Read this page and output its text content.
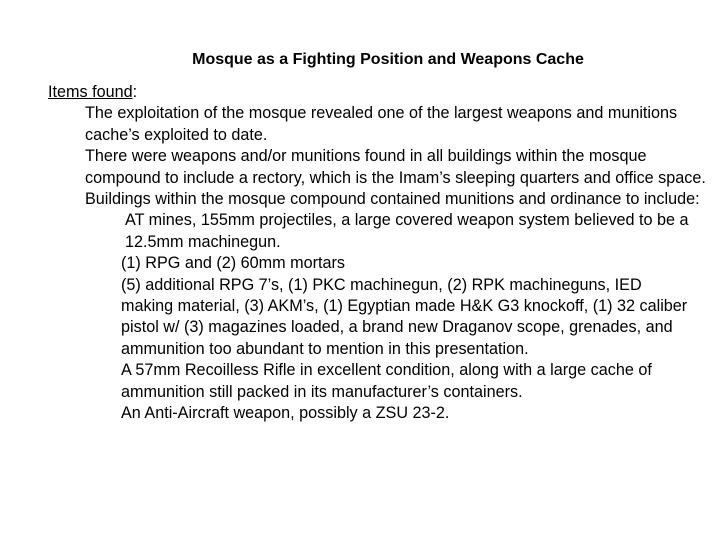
Mosque as a Fighting Position and Weapons Cache
Items found:
The exploitation of the mosque revealed one of the largest weapons and munitions cache’s exploited to date.
There were weapons and/or munitions found in all buildings within the mosque compound to include a rectory, which is the Imam’s sleeping quarters and office space.
Buildings within the mosque compound contained munitions and ordinance to include:
AT mines, 155mm projectiles, a large covered weapon system believed to be a 12.5mm machinegun.
(1) RPG and (2) 60mm mortars
(5) additional RPG 7’s, (1) PKC machinegun, (2) RPK machineguns, IED making material, (3) AKM’s, (1) Egyptian made H&K G3 knockoff, (1) 32 caliber pistol w/ (3) magazines loaded, a brand new Draganov scope, grenades, and ammunition too abundant to mention in this presentation.
A 57mm Recoilless Rifle in excellent condition, along with a large cache of ammunition still packed in its manufacturer’s containers.
An Anti-Aircraft weapon, possibly a ZSU 23-2.
